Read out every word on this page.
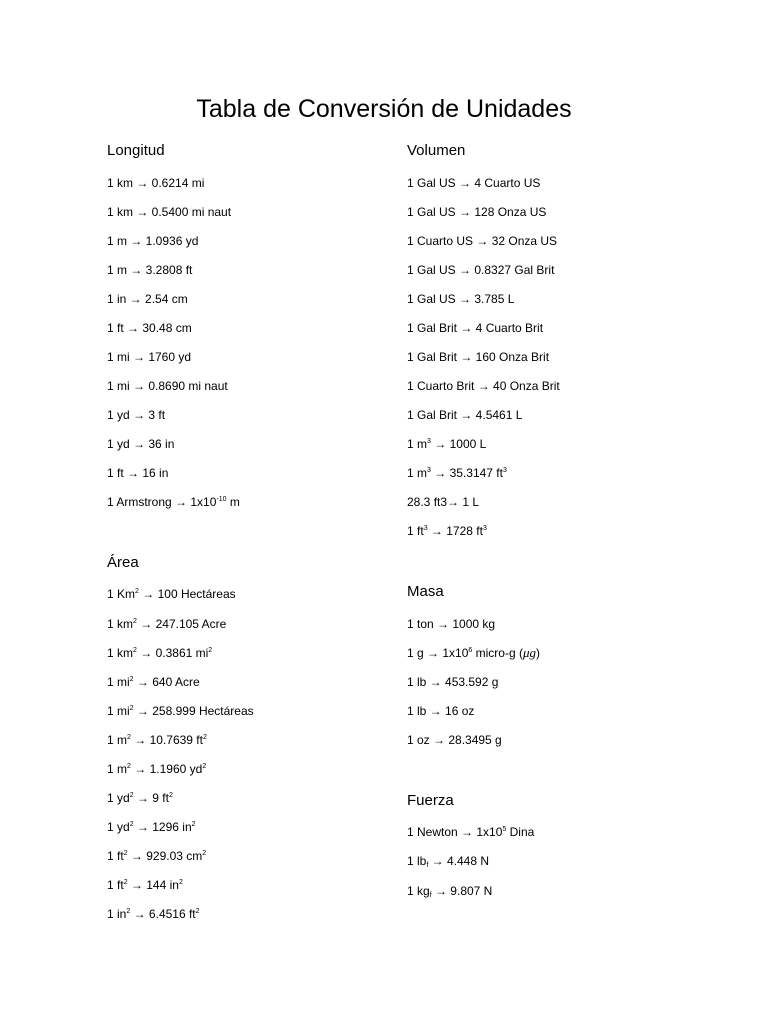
Tabla de Conversión de Unidades
Longitud
1 km → 0.6214 mi
1 km → 0.5400 mi naut
1 m → 1.0936 yd
1 m → 3.2808 ft
1 in → 2.54 cm
1 ft → 30.48 cm
1 mi → 1760 yd
1 mi → 0.8690 mi naut
1 yd → 3 ft
1 yd → 36 in
1 ft → 16 in
1 Armstrong → $1x10^{-10}$ m
Área
1 $Km^2 \to 100$ Hectáreas
1 $km^2 \to 247.105$ Acre
1 $km^2 \to 0.3861$ $mi^2$
1 $mi^2 \to 640$ Acre
1 $mi^2 \to 258.999$ Hectáreas
1 $m^2 \to 10.7639$ $ft^2$
1 $m^2 \to 1.1960$ $yd^2$
1 $yd^2 \to 9$ $ft^2$
1 $yd^2 \to 1296$ $in^2$
1 $ft^2 \to 929.03$ $cm^2$
1 $ft^2 \to 144$ $in^2$
1 $in^2 \to 6.4516$ $ft^2$
Volumen
1 Gal US → 4 Cuarto US
1 Gal US → 128 Onza US
1 Cuarto US → 32 Onza US
1 Gal US → 0.8327 Gal Brit
1 Gal US → 3.785 L
1 Gal Brit → 4 Cuarto Brit
1 Gal Brit → 160 Onza Brit
1 Cuarto Brit → 40 Onza Brit
1 Gal Brit → 4.5461 L
1 $m^3 \to 1000$ L
1 $m^3 \to 35.3147$ $ft^3$
28.3 ft3→ 1 L
1 $ft^3 \to 1728$ $ft^3$
Masa
1 ton → 1000 kg
1 $g \to 1x10^6$ micro-g (μg)
1 lb → 453.592 g
1 lb → 16 oz
1 oz → 28.3495 g
Fuerza
1 Newton → $1x10^5$ Dina
1 $lb_f \to 4.448$ N
1 $kg_f \to 9.807$ N
